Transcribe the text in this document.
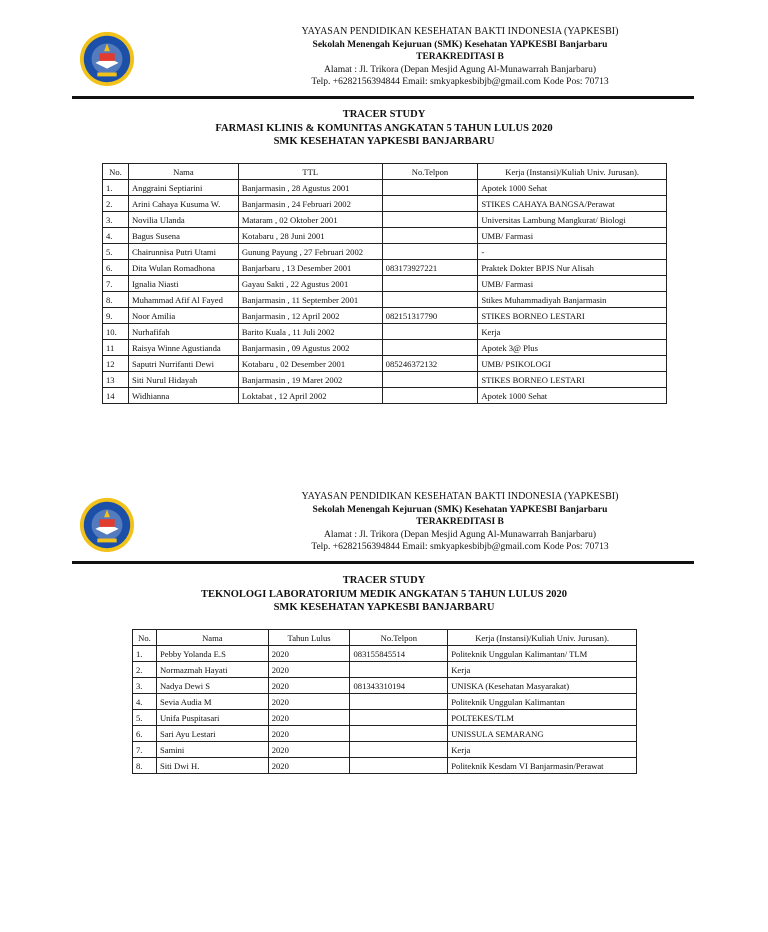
YAYASAN PENDIDIKAN KESEHATAN BAKTI INDONESIA (YAPKESBI)
Sekolah Menengah Kejuruan (SMK) Kesehatan YAPKESBI Banjarbaru
TERAKREDITASI B
Alamat : Jl. Trikora (Depan Mesjid Agung Al-Munawarrah Banjarbaru)
Telp. +6282156394844 Email: smkyapkesbibjb@gmail.com Kode Pos: 70713
TRACER STUDY
FARMASI KLINIS & KOMUNITAS ANGKATAN 5 TAHUN LULUS 2020
SMK KESEHATAN YAPKESBI BANJARBARU
No.	Nama	TTL	No.Telpon	Kerja (Instansi)/Kuliah Univ. Jurusan).
1.	Anggraini Septiarini	Banjarmasin , 28 Agustus 2001		Apotek 1000 Sehat
2.	Arini Cahaya Kusuma W.	Banjarmasin , 24 Februari 2002		STIKES CAHAYA BANGSA/Perawat
3.	Novilia Ulanda	Mataram , 02 Oktober 2001		Universitas Lambung Mangkurat/ Biologi
4.	Bagus Susena	Kotabaru , 28 Juni 2001		UMB/ Farmasi
5.	Chairunnisa Putri Utami	Gunung Payung , 27 Februari 2002		-
6.	Dita Wulan Romadhona	Banjarbaru , 13 Desember 2001	083173927221	Praktek Dokter BPJS Nur Alisah
7.	Ignalia Niasti	Gayau Sakti , 22 Agustus 2001		UMB/ Farmasi
8.	Muhammad Afif Al Fayed	Banjarmasin , 11 September 2001		Stikes Muhammadiyah Banjarmasin
9.	Noor Amilia	Banjarmasin , 12 April 2002	082151317790	STIKES BORNEO LESTARI
10.	Nurhafifah	Barito Kuala , 11 Juli 2002		Kerja
11	Raisya Winne Agustianda	Banjarmasin , 09 Agustus 2002		Apotek 3@ Plus
12	Saputri Nurrifanti Dewi	Kotabaru , 02 Desember 2001	085246372132	UMB/ PSIKOLOGI
13	Siti Nurul Hidayah	Banjarmasin , 19 Maret 2002		STIKES BORNEO LESTARI
14	Widhianna	Loktabat , 12 April 2002		Apotek 1000 Sehat
YAYASAN PENDIDIKAN KESEHATAN BAKTI INDONESIA (YAPKESBI)
Sekolah Menengah Kejuruan (SMK) Kesehatan YAPKESBI Banjarbaru
TERAKREDITASI B
Alamat : Jl. Trikora (Depan Mesjid Agung Al-Munawarrah Banjarbaru)
Telp. +6282156394844 Email: smkyapkesbibjb@gmail.com Kode Pos: 70713
TRACER STUDY
TEKNOLOGI LABORATORIUM MEDIK ANGKATAN 5 TAHUN LULUS 2020
SMK KESEHATAN YAPKESBI BANJARBARU
No.	Nama	Tahun Lulus	No.Telpon	Kerja (Instansi)/Kuliah Univ. Jurusan).
1.	Pebby Yolanda E.S	2020	083155845514	Politeknik Unggulan Kalimantan/ TLM
2.	Normazmah Hayati	2020		Kerja
3.	Nadya Dewi S	2020	081343310194	UNISKA (Kesehatan Masyarakat)
4.	Sevia Audia M	2020		Politeknik Unggulan Kalimantan
5.	Unifa Puspitasari	2020		POLTEKES/TLM
6.	Sari Ayu Lestari	2020		UNISSULA SEMARANG
7.	Samini	2020		Kerja
8.	Siti Dwi H.	2020		Politeknik Kesdam VI Banjarmasin/Perawat
